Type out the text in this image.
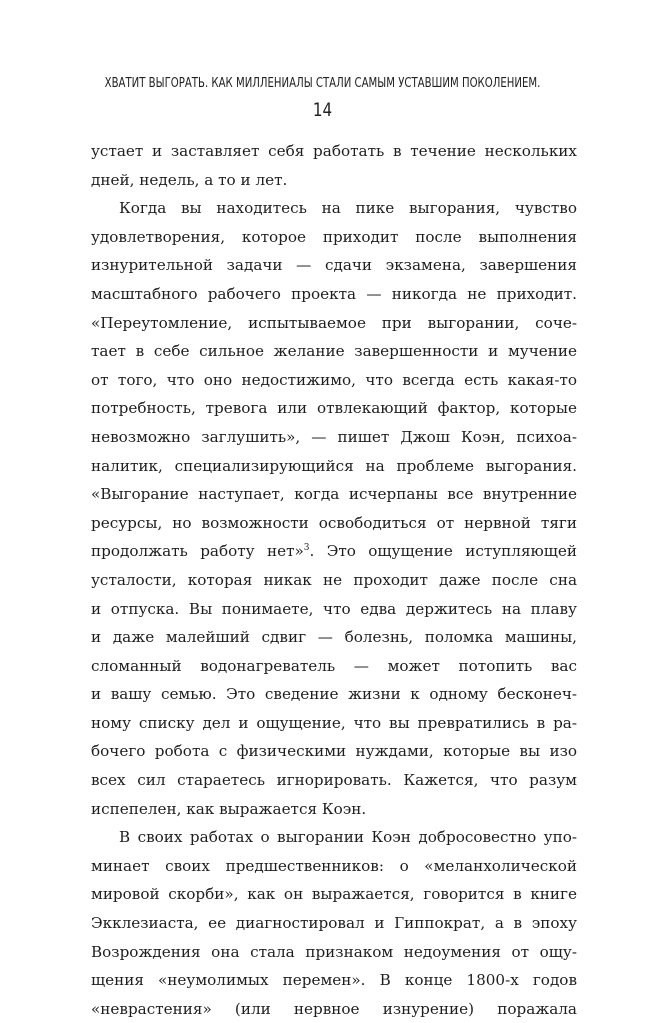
ХВАТИТ ВЫГОРАТЬ. КАК МИЛЛЕНИАЛЫ СТАЛИ САМЫМ УСТАВШИМ ПОКОЛЕНИЕМ.
14
устает и заставляет себя работать в течение нескольких
дней, недель, а то и лет.
Когда вы находитесь на пике выгорания, чувство
удовлетворения, которое приходит после выполнения
изнурительной задачи — сдачи экзамена, завершения
масштабного рабочего проекта — никогда не приходит.
«Переутомление, испытываемое при выгорании, соче-
тает в себе сильное желание завершенности и мучение
от того, что оно недостижимо, что всегда есть какая-то
потребность, тревога или отвлекающий фактор, которые
невозможно заглушить», — пишет Джош Коэн, психоа-
налитик, специализирующийся на проблеме выгорания.
«Выгорание наступает, когда исчерпаны все внутренние
ресурсы, но возможности освободиться от нервной тяги
продолжать работу нет»$^3$. Это ощущение иступляющей
усталости, которая никак не проходит даже после сна
и отпуска. Вы понимаете, что едва держитесь на плаву
и даже малейший сдвиг — болезнь, поломка машины,
сломанный водонагреватель — может потопить вас
и вашу семью. Это сведение жизни к одному бесконеч-
ному списку дел и ощущение, что вы превратились в ра-
бочего робота с физическими нуждами, которые вы изо
всех сил стараетесь игнорировать. Кажется, что разум
испепелен, как выражается Коэн.
В своих работах о выгорании Коэн добросовестно упо-
минает своих предшественников: о «меланхолической
мировой скорби», как он выражается, говорится в книге
Экклезиаста, ее диагностировал и Гиппократ, а в эпоху
Возрождения она стала признаком недоумения от ощу-
щения «неумолимых перемен». В конце 1800-х годов
«неврастения» (или нервное изнурение) поражала
